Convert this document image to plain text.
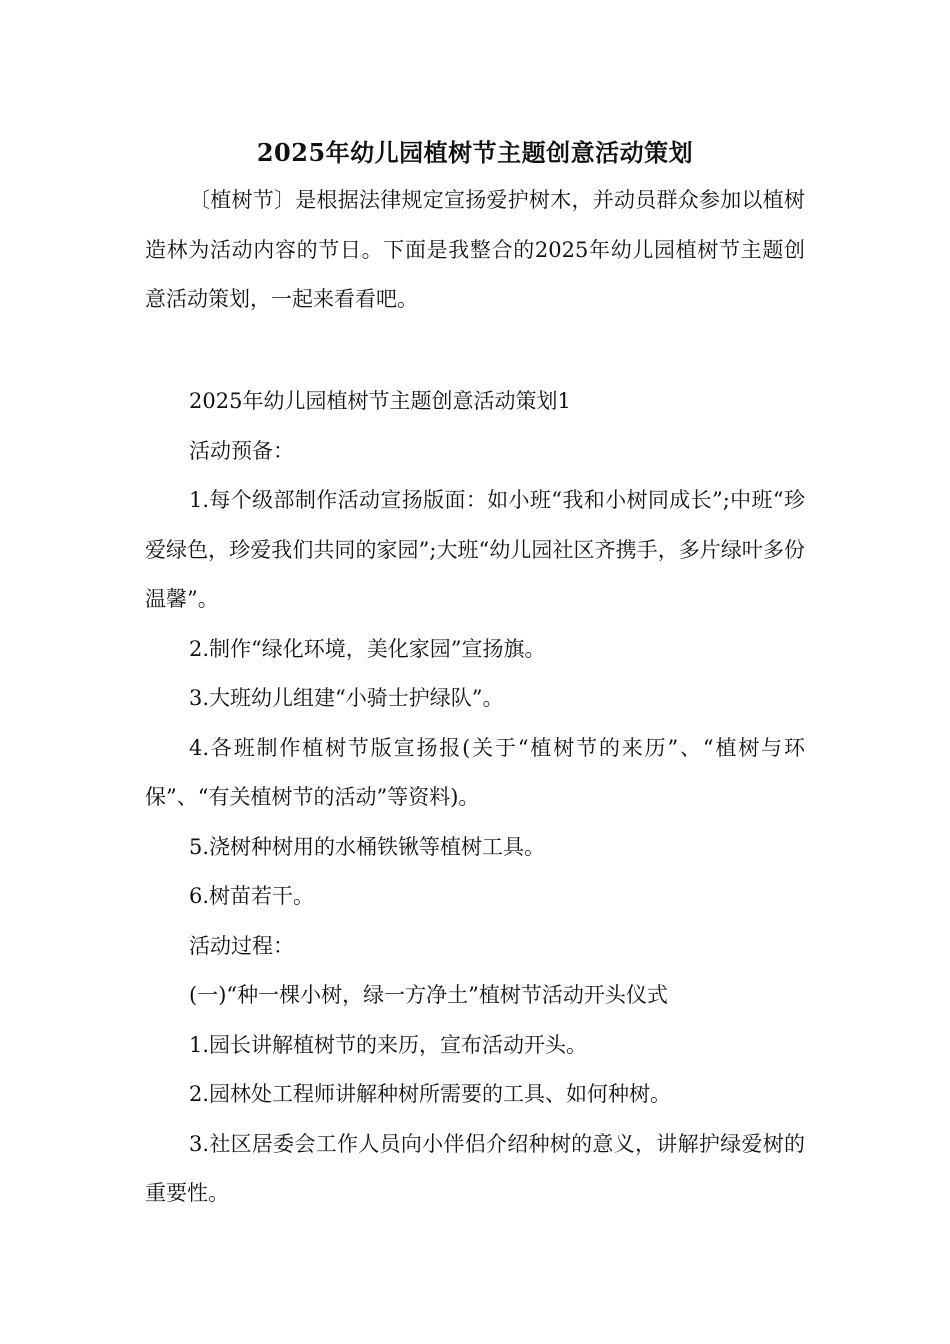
2025年幼儿园植树节主题创意活动策划

〔植树节〕是根据法律规定宣扬爱护树木，并动员群众参加以植树造林为活动内容的节日。下面是我整合的2025年幼儿园植树节主题创意活动策划，一起来看看吧。

2025年幼儿园植树节主题创意活动策划1

活动预备：

1.每个级部制作活动宣扬版面：如小班“我和小树同成长”;中班“珍爱绿色，珍爱我们共同的家园”;大班“幼儿园社区齐携手，多片绿叶多份温馨”。

2.制作“绿化环境，美化家园”宣扬旗。

3.大班幼儿组建“小骑士护绿队”。

4.各班制作植树节版宣扬报(关于“植树节的来历”、“植树与环保”、“有关植树节的活动”等资料)。

5.浇树种树用的水桶铁锹等植树工具。

6.树苗若干。

活动过程：

(一)“种一棵小树，绿一方净土”植树节活动开头仪式

1.园长讲解植树节的来历，宣布活动开头。

2.园林处工程师讲解种树所需要的工具、如何种树。

3.社区居委会工作人员向小伴侣介绍种树的意义，讲解护绿爱树的重要性。
